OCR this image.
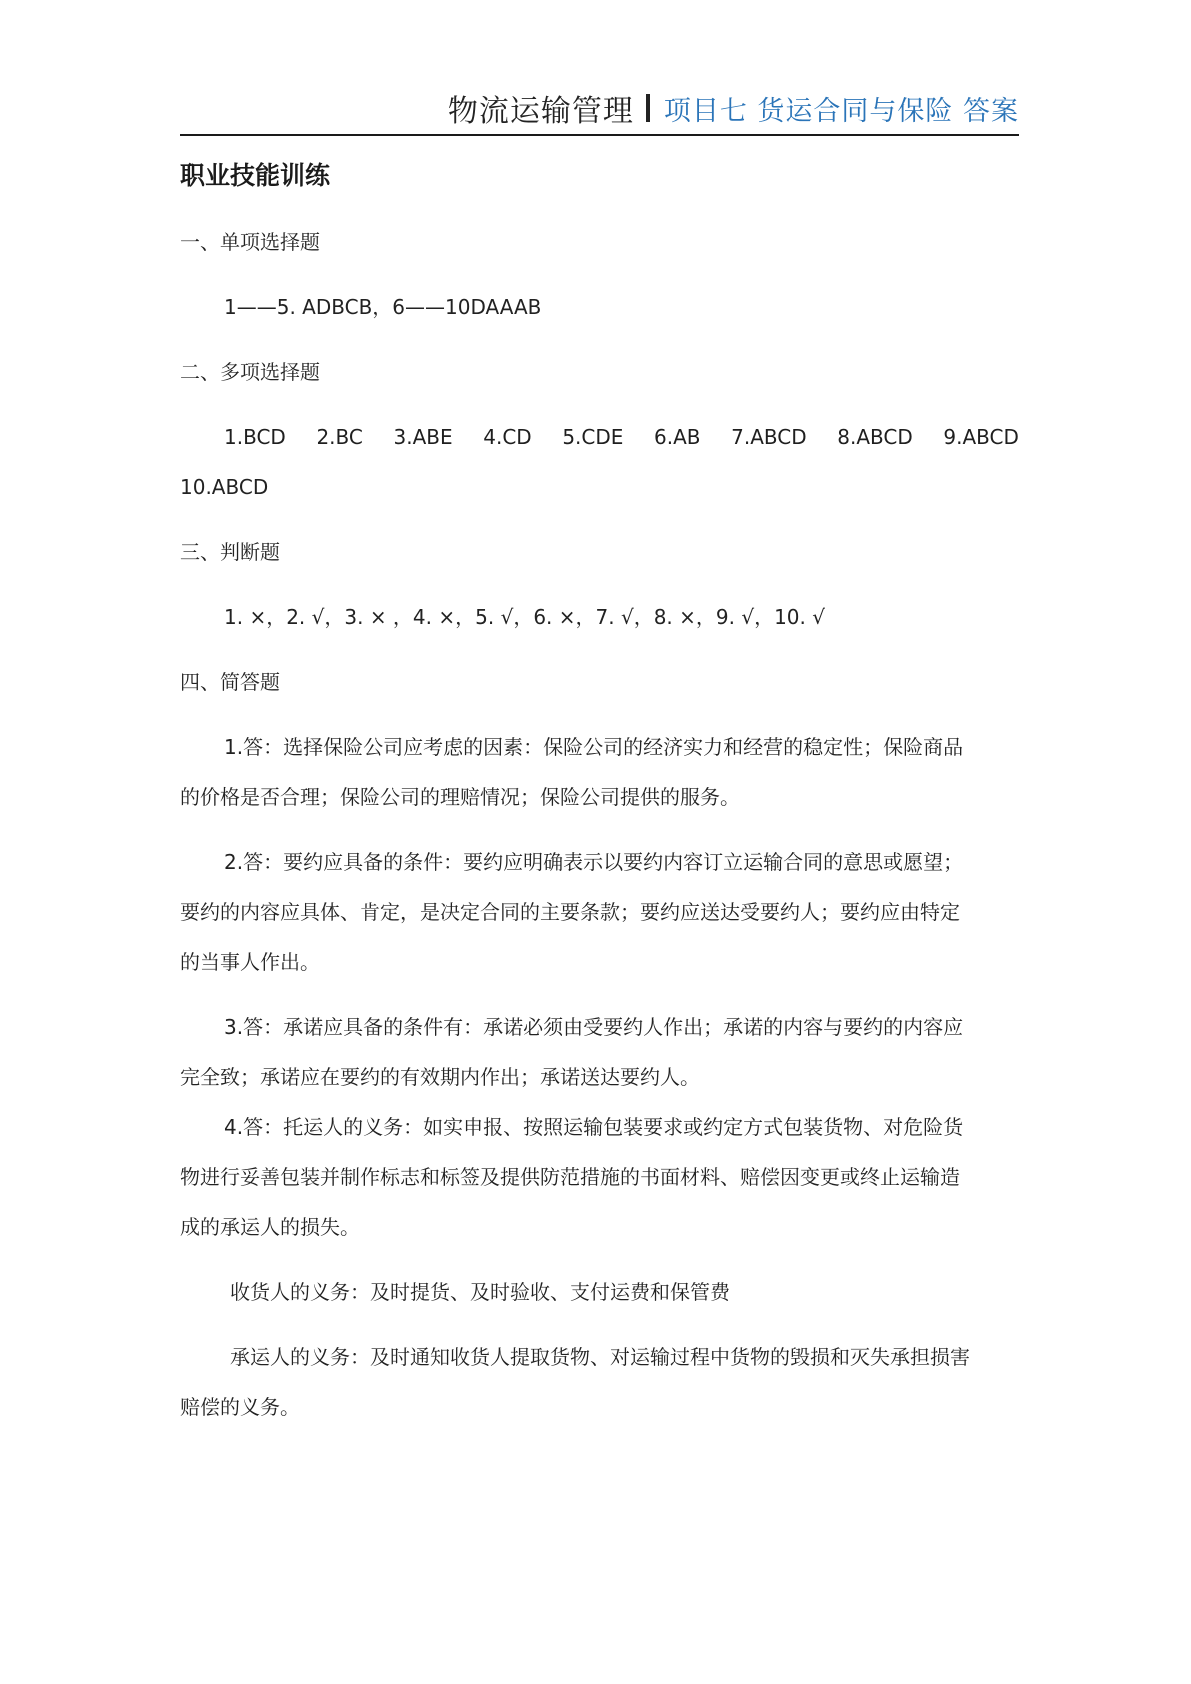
物流运输管理 项目七 货运合同与保险 答案
职业技能训练
一、单项选择题
1——5. ADBCB，6——10DAAAB
二、多项选择题
1.BCD 2.BC 3.ABE 4.CD 5.CDE 6.AB 7.ABCD 8.ABCD 9.ABCD
10.ABCD
三、判断题
1. ×，2. √，3. × ，4. ×，5. √，6. ×，7. √，8. ×，9. √，10. √
四、简答题
1.答：选择保险公司应考虑的因素：保险公司的经济实力和经营的稳定性；保险商品
的价格是否合理；保险公司的理赔情况；保险公司提供的服务。
2.答：要约应具备的条件：要约应明确表示以要约内容订立运输合同的意思或愿望；
要约的内容应具体、肯定，是决定合同的主要条款；要约应送达受要约人；要约应由特定
的当事人作出。
3.答：承诺应具备的条件有：承诺必须由受要约人作出；承诺的内容与要约的内容应
完全致；承诺应在要约的有效期内作出；承诺送达要约人。
4.答：托运人的义务：如实申报、按照运输包装要求或约定方式包装货物、对危险货
物进行妥善包装并制作标志和标签及提供防范措施的书面材料、赔偿因变更或终止运输造
成的承运人的损失。
收货人的义务：及时提货、及时验收、支付运费和保管费
承运人的义务：及时通知收货人提取货物、对运输过程中货物的毁损和灭失承担损害
赔偿的义务。
